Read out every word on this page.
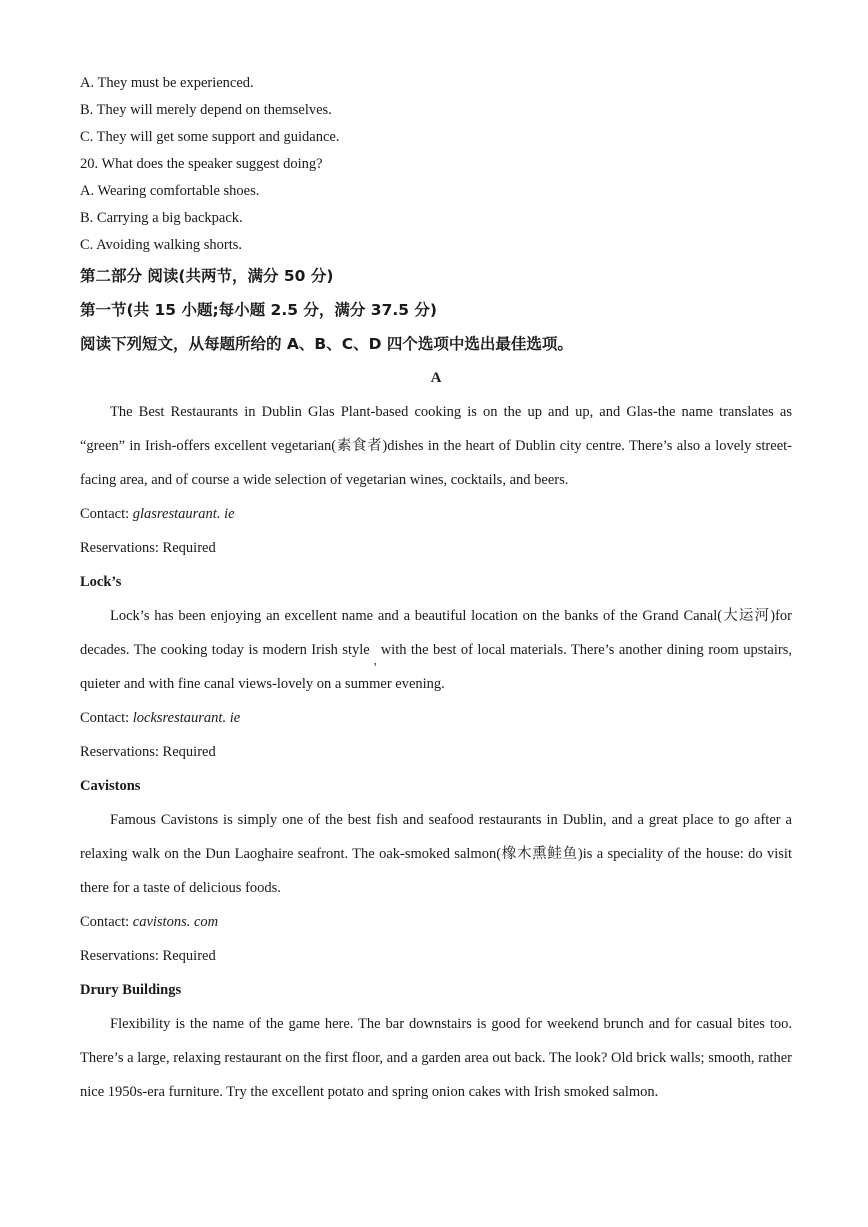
A. They must be experienced.
B. They will merely depend on themselves.
C. They will get some support and guidance.
20. What does the speaker suggest doing?
A. Wearing comfortable shoes.
B. Carrying a big backpack.
C. Avoiding walking shorts.
第二部分 阅读(共两节，满分 50 分)
第一节(共 15 小题;每小题 2.5 分，满分 37.5 分)
阅读下列短文，从每题所给的 A、B、C、D 四个选项中选出最佳选项。
A

The Best Restaurants in Dublin Glas Plant-based cooking is on the up and up, and Glas-the name translates as “green” in Irish-offers excellent vegetarian(素食者)dishes in the heart of Dublin city centre. There’s also a lovely street-facing area, and of course a wide selection of vegetarian wines, cocktails, and beers.

Contact: glasrestaurant. ie
Reservations: Required
Lock’s

Lock’s has been enjoying an excellent name and a beautiful location on the banks of the Grand Canal(大运河)for decades. The cooking today is modern Irish style$_,$with the best of local materials. There’s another dining room upstairs, quieter and with fine canal views-lovely on a summer evening.

Contact: locksrestaurant. ie
Reservations: Required
Cavistons

Famous Cavistons is simply one of the best fish and seafood restaurants in Dublin, and a great place to go after a relaxing walk on the Dun Laoghaire seafront. The oak-smoked salmon(橡木熏鲑鱼)is a speciality of the house: do visit there for a taste of delicious foods.

Contact: cavistons. com
Reservations: Required
Drury Buildings

Flexibility is the name of the game here. The bar downstairs is good for weekend brunch and for casual bites too. There’s a large, relaxing restaurant on the first floor, and a garden area out back. The look? Old brick walls; smooth, rather nice 1950s-era furniture. Try the excellent potato and spring onion cakes with Irish smoked salmon.
